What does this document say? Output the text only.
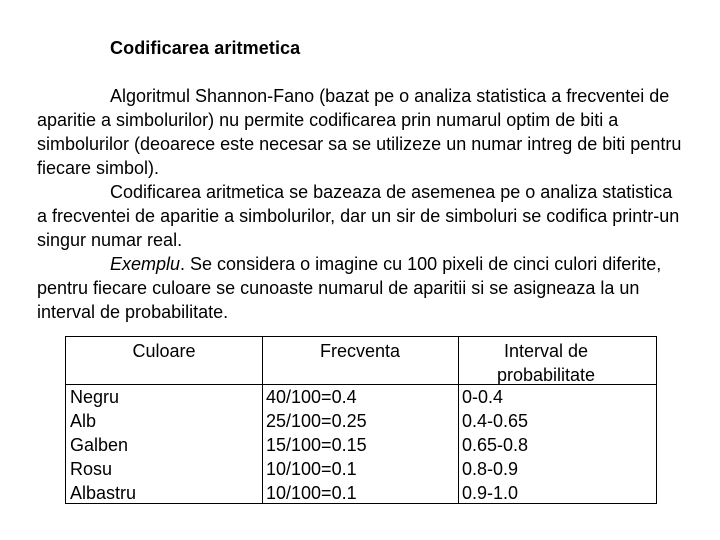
Codificarea aritmetica

Algoritmul Shannon-Fano (bazat pe o analiza statistica a frecventei de aparitie a simbolurilor) nu permite codificarea prin numarul optim de biti a simbolurilor (deoarece este necesar sa se utilizeze un numar intreg de biti pentru fiecare simbol).

Codificarea aritmetica se bazeaza de asemenea pe o analiza statistica a frecventei de aparitie a simbolurilor, dar un sir de simboluri se codifica printr-un singur numar real.

Exemplu. Se considera o imagine cu 100 pixeli de cinci culori diferite, pentru fiecare culoare se cunoaste numarul de aparitii si se asigneaza la un interval de probabilitate.

Culoare	Frecventa	Interval de probabilitate
Negru	40/100=0.4	0-0.4
Alb	25/100=0.25	0.4-0.65
Galben	15/100=0.15	0.65-0.8
Rosu	10/100=0.1	0.8-0.9
Albastru	10/100=0.1	0.9-1.0
